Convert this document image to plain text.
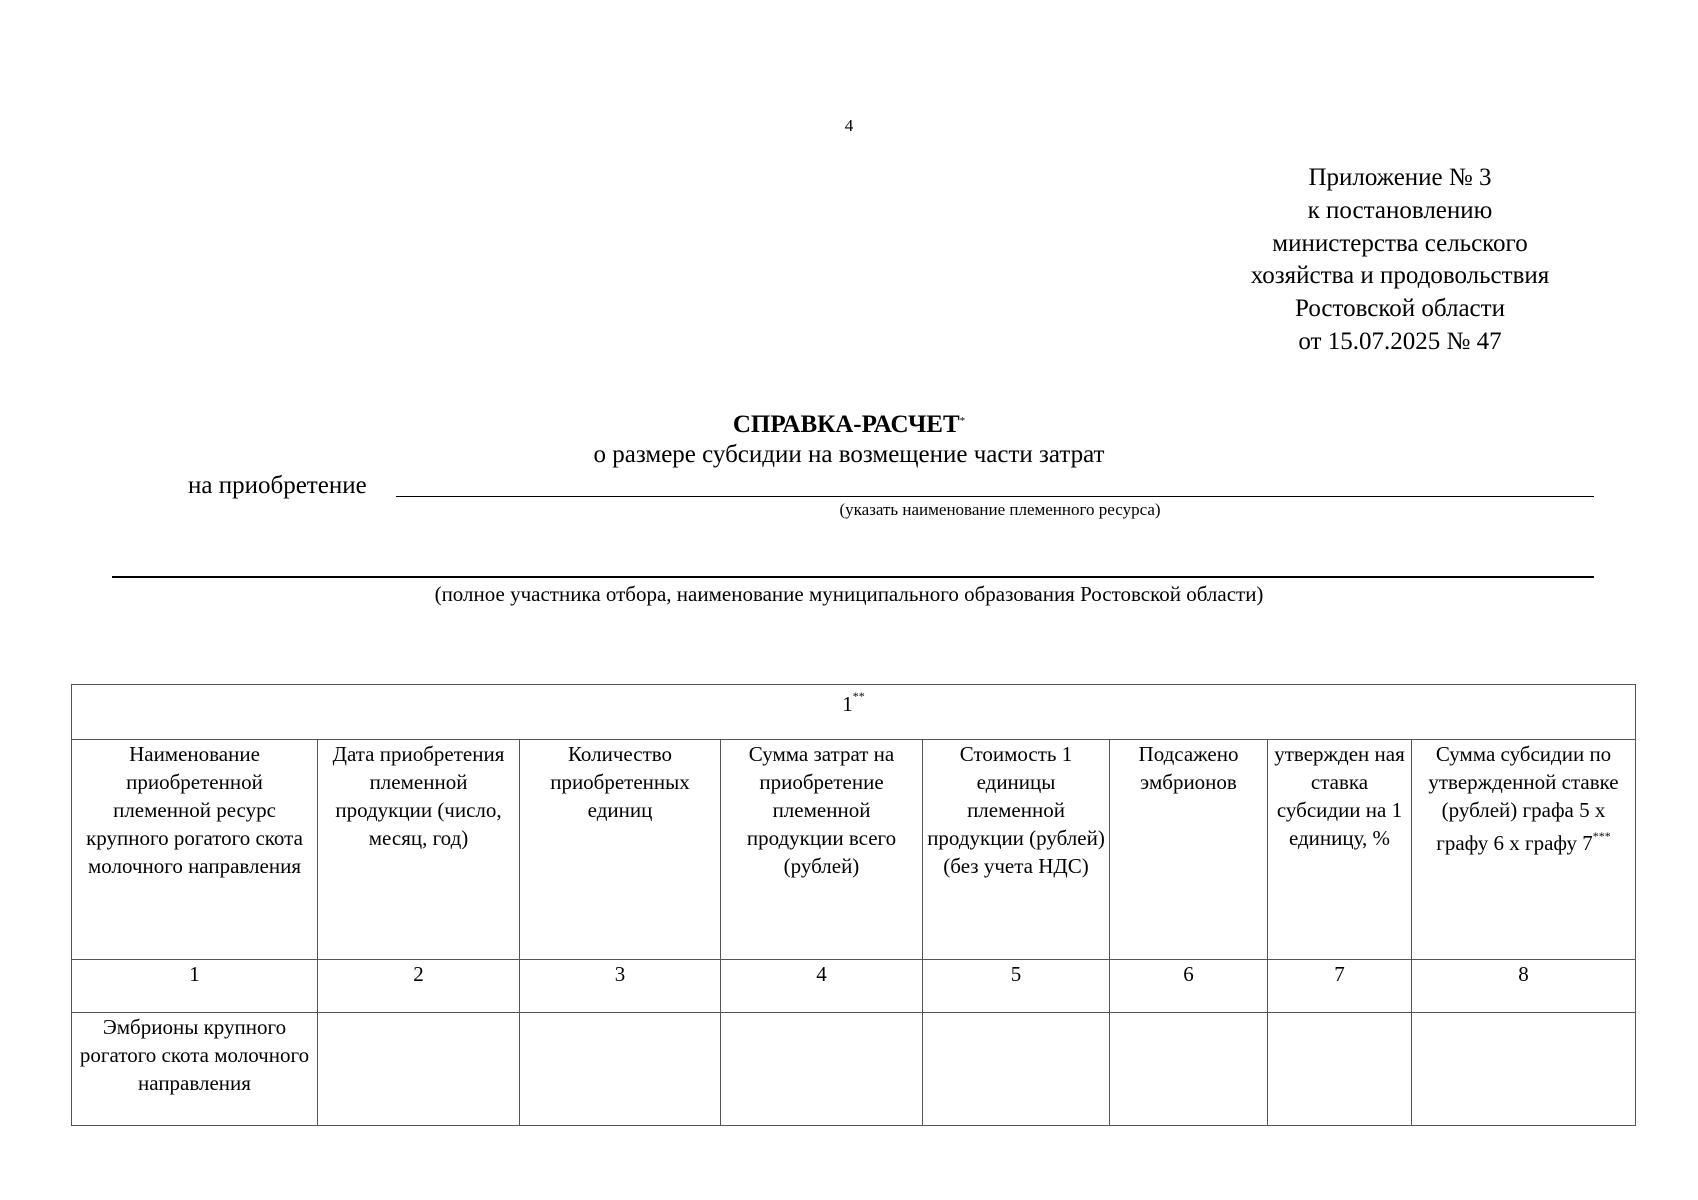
4
Приложение № 3
к постановлению
министерства сельского
хозяйства и продовольствия
Ростовской области
от 15.07.2025 № 47
СПРАВКА-РАСЧЕТ*
о размере субсидии на возмещение части затрат
на приобретение
(указать наименование племенного ресурса)
(полное участника отбора, наименование муниципального образования Ростовской области)
1**
Наименование приобретенной племенной ресурс крупного рогатого скота молочного направления	Дата приобретения племенной продукции (число, месяц, год)	Количество приобретенных единиц	Сумма затрат на приобретение племенной продукции всего (рублей)	Стоимость 1 единицы племенной продукции (рублей) (без учета НДС)	Подсажено эмбрионов	утвержден ная ставка субсидии на 1 единицу, %	Сумма субсидии по утвержденной ставке (рублей) графа 5 х графу 6 х графу 7***
1	2	3	4	5	6	7	8
Эмбрионы крупного рогатого скота молочного направления							
